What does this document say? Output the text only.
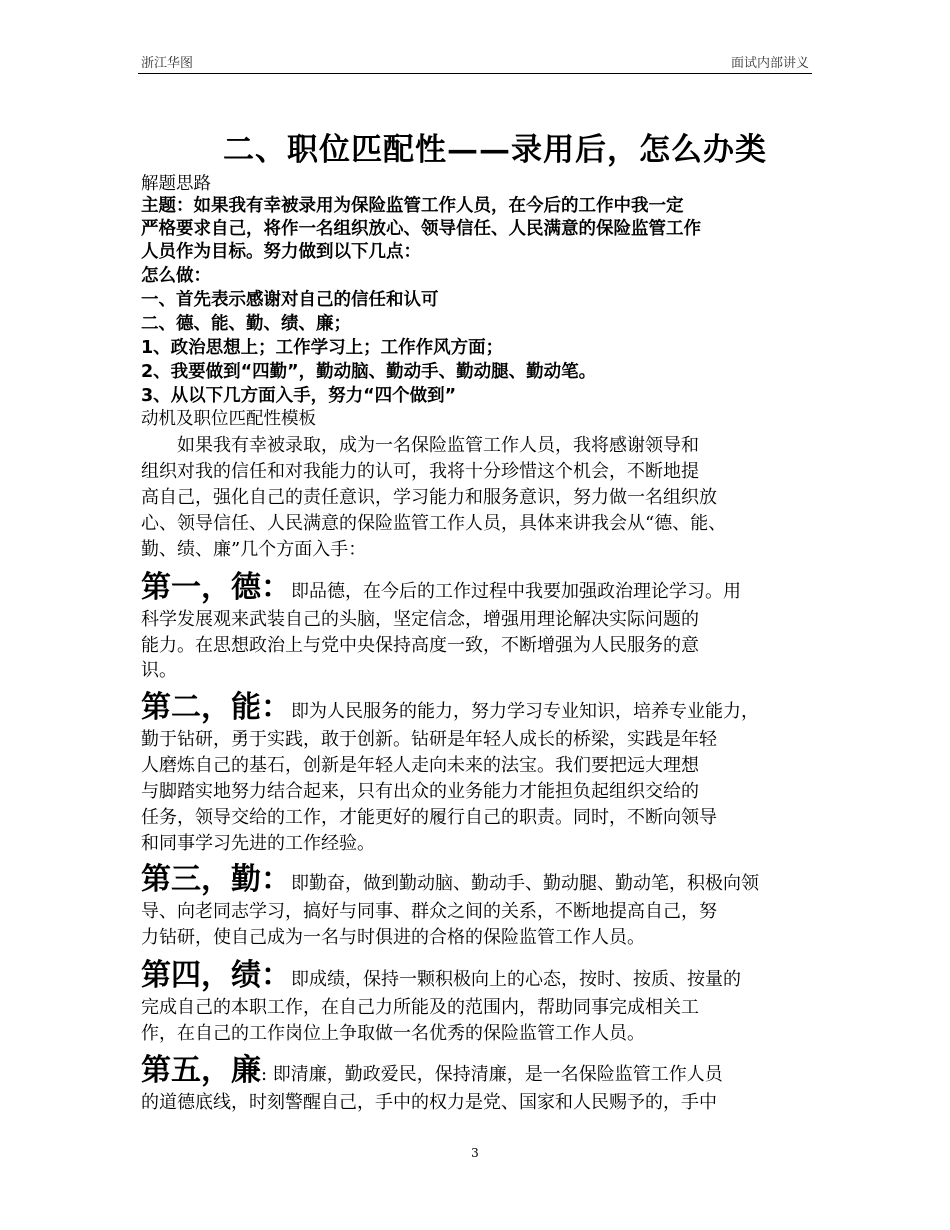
浙江华图	面试内部讲义
二、职位匹配性——录用后，怎么办类
解题思路
主题：如果我有幸被录用为保险监管工作人员，在今后的工作中我一定
严格要求自己，将作一名组织放心、领导信任、人民满意的保险监管工作
人员作为目标。努力做到以下几点：
怎么做：
一、首先表示感谢对自己的信任和认可
二、德、能、勤、绩、廉；
1、政治思想上；工作学习上；工作作风方面；
2、我要做到“四勤”，勤动脑、勤动手、勤动腿、勤动笔。
3、从以下几方面入手，努力“四个做到”
动机及职位匹配性模板
　　如果我有幸被录取，成为一名保险监管工作人员，我将感谢领导和
组织对我的信任和对我能力的认可，我将十分珍惜这个机会，不断地提
高自己，强化自己的责任意识，学习能力和服务意识，努力做一名组织放
心、领导信任、人民满意的保险监管工作人员，具体来讲我会从“德、能、
勤、绩、廉”几个方面入手：
第一，德：即品德，在今后的工作过程中我要加强政治理论学习。用
科学发展观来武装自己的头脑，坚定信念，增强用理论解决实际问题的
能力。在思想政治上与党中央保持高度一致，不断增强为人民服务的意
识。
第二，能：即为人民服务的能力，努力学习专业知识，培养专业能力，
勤于钻研，勇于实践，敢于创新。钻研是年轻人成长的桥梁，实践是年轻
人磨炼自己的基石，创新是年轻人走向未来的法宝。我们要把远大理想
与脚踏实地努力结合起来，只有出众的业务能力才能担负起组织交给的
任务，领导交给的工作，才能更好的履行自己的职责。同时，不断向领导
和同事学习先进的工作经验。
第三，勤：即勤奋，做到勤动脑、勤动手、勤动腿、勤动笔，积极向领
导、向老同志学习，搞好与同事、群众之间的关系，不断地提高自己，努
力钻研，使自己成为一名与时俱进的合格的保险监管工作人员。
第四，绩：即成绩，保持一颗积极向上的心态，按时、按质、按量的
完成自己的本职工作，在自己力所能及的范围内，帮助同事完成相关工
作，在自己的工作岗位上争取做一名优秀的保险监管工作人员。
第五，廉: 即清廉，勤政爱民，保持清廉，是一名保险监管工作人员
的道德底线，时刻警醒自己，手中的权力是党、国家和人民赐予的，手中
3
